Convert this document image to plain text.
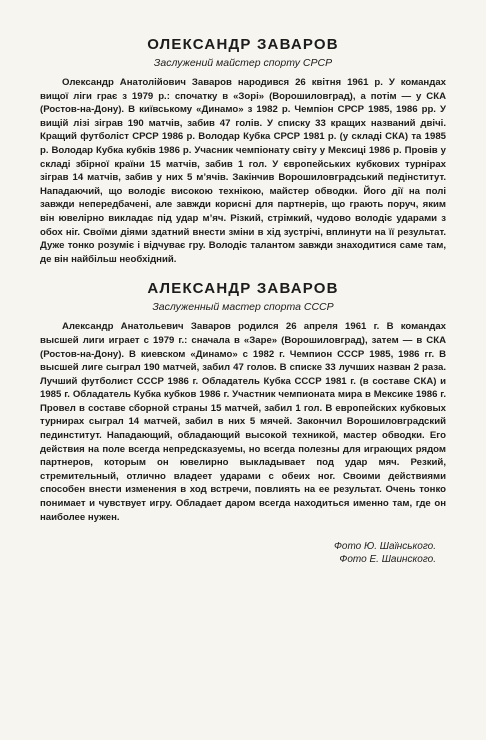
ОЛЕКСАНДР ЗАВАРОВ
Заслужений майстер спорту СРСР

Олександр Анатолійович Заваров народився 26 квітня 1961 р. У командах вищої ліги грає з 1979 р.: спочатку в «Зорі» (Ворошиловград), а потім — у СКА (Ростов-на-Дону). В київському «Динамо» з 1982 р. Чемпіон СРСР 1985, 1986 рр. У вищій лізі зіграв 190 матчів, забив 47 голів. У списку 33 кращих названий двічі. Кращий футболіст СРСР 1986 р. Володар Кубка СРСР 1981 р. (у складі СКА) та 1985 р. Володар Кубка кубків 1986 р. Учасник чемпіонату світу у Мексиці 1986 р. Провів у складі збірної країни 15 матчів, забив 1 гол. У європейських кубкових турнірах зіграв 14 матчів, забив у них 5 м’ячів. Закінчив Ворошиловградський педінститут. Нападаючий, що володіє високою технікою, майстер обводки. Його дії на полі завжди непередбачені, але завжди корисні для партнерів, що грають поруч, яким він ювелірно викладає під удар м’яч. Різкий, стрімкий, чудово володіє ударами з обох ніг. Своїми діями здатний внести зміни в хід зустрічі, вплинути на її результат. Дуже тонко розуміє і відчуває гру. Володіє талантом завжди знаходитися саме там, де він найбільш необхідний.

АЛЕКСАНДР ЗАВАРОВ
Заслуженный мастер спорта СССР

Александр Анатольевич Заваров родился 26 апреля 1961 г. В командах высшей лиги играет с 1979 г.: сначала в «Заре» (Ворошиловград), затем — в СКА (Ростов-на-Дону). В киевском «Динамо» с 1982 г. Чемпион СССР 1985, 1986 гг. В высшей лиге сыграл 190 матчей, забил 47 голов. В списке 33 лучших назван 2 раза. Лучший футболист СССР 1986 г. Обладатель Кубка СССР 1981 г. (в составе СКА) и 1985 г. Обладатель Кубка кубков 1986 г. Участник чемпионата мира в Мексике 1986 г. Провел в составе сборной страны 15 матчей, забил 1 гол. В европейских кубковых турнирах сыграл 14 матчей, забил в них 5 мячей. Закончил Ворошиловградский пединститут. Нападающий, обладающий высокой техникой, мастер обводки. Его действия на поле всегда непредсказуемы, но всегда полезны для играющих рядом партнеров, которым он ювелирно выкладывает под удар мяч. Резкий, стремительный, отлично владеет ударами с обеих ног. Своими действиями способен внести изменения в ход встречи, повлиять на ее результат. Очень тонко понимает и чувствует игру. Обладает даром всегда находиться именно там, где он наиболее нужен.

Фото Ю. Шаїнського.
Фото Е. Шаинского.
